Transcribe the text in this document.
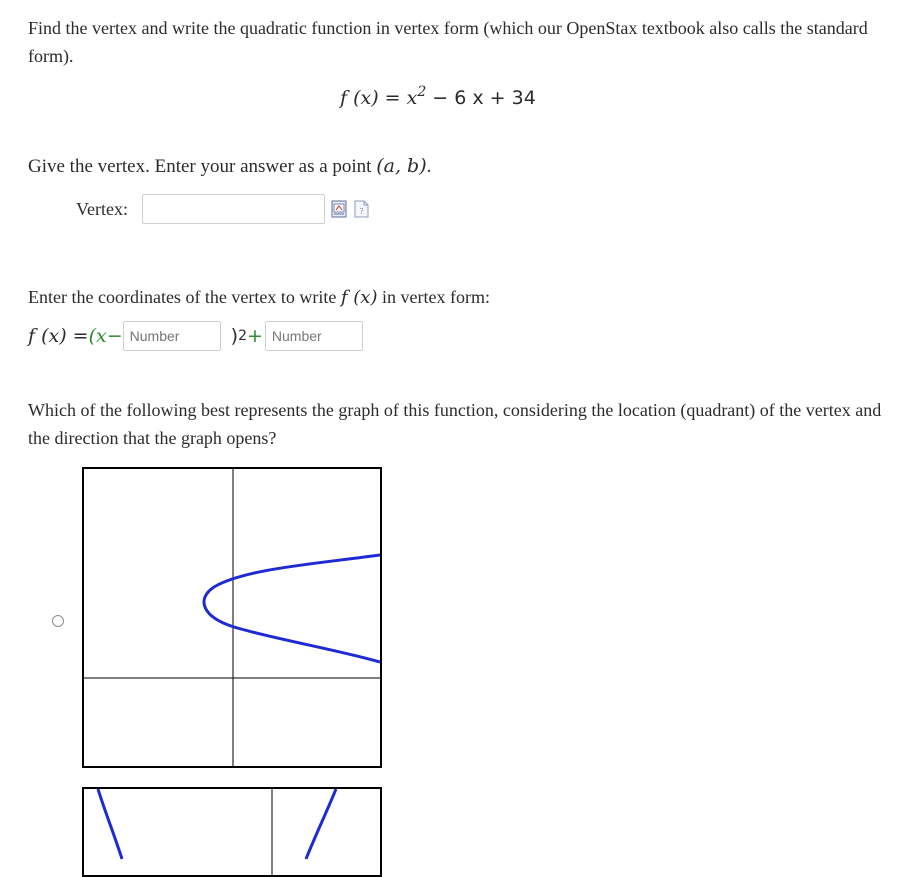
Find the vertex and write the quadratic function in vertex form (which our OpenStax textbook also calls the standard form).

f $(x) = x^2 - 6$ x + 34

Give the vertex. Enter your answer as a point (a, b).

Vertex:	?

Enter the coordinates of the vertex to write f (x) in vertex form:

f (x) = (x−
Number	) 2 +
Number

Which of the following best represents the graph of this function, considering the location (quadrant) of the vertex and the direction that the graph opens?
